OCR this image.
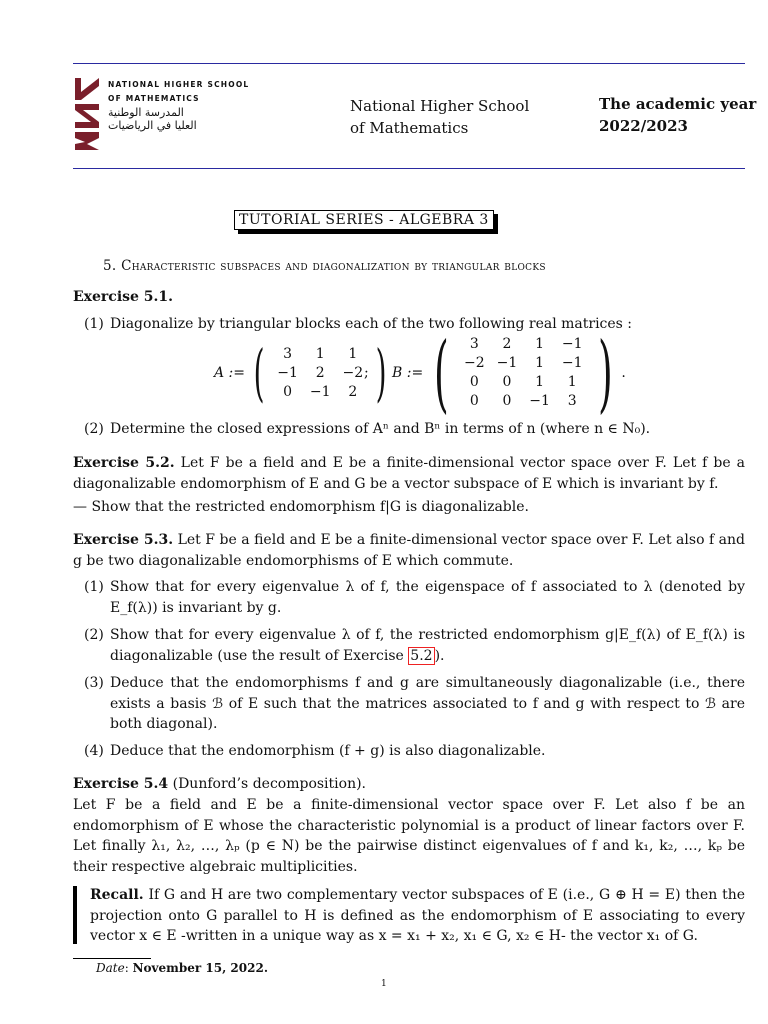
NATIONAL HIGHER SCHOOL
OF MATHEMATICS
المدرسة الوطنية
العليا في الرياضيات
National Higher School
of Mathematics
The academic year
2022/2023
TUTORIAL SERIES - ALGEBRA 3
5. Characteristic subspaces and diagonalization by triangular blocks
Exercise 5.1.
(1) Diagonalize by triangular blocks each of the two following real matrices :
A := ( 3	1	1
−1	2	−2
0	−1	2 )
; B := ( 3	2	1	−1
−2	−1	1	−1
0	0	1	1
0	0	−1	3 ) .
(2) Determine the closed expressions of Aⁿ and Bⁿ in terms of n (where n ∈ N₀).
Exercise 5.2. Let F be a field and E be a finite-dimensional vector space over F. Let f be a diagonalizable endomorphism of E and G be a vector subspace of E which is invariant by f.
— Show that the restricted endomorphism f|G is diagonalizable.
Exercise 5.3. Let F be a field and E be a finite-dimensional vector space over F. Let also f and g be two diagonalizable endomorphisms of E which commute.
(1) Show that for every eigenvalue λ of f, the eigenspace of f associated to λ (denoted by E_f(λ)) is invariant by g.
(2) Show that for every eigenvalue λ of f, the restricted endomorphism g|E_f(λ) of E_f(λ) is diagonalizable (use the result of Exercise 5.2 ).
(3) Deduce that the endomorphisms f and g are simultaneously diagonalizable (i.e., there exists a basis ℬ of E such that the matrices associated to f and g with respect to ℬ are both diagonal).
(4) Deduce that the endomorphism (f + g) is also diagonalizable.
Exercise 5.4 (Dunford’s decomposition).
Let F be a field and E be a finite-dimensional vector space over F. Let also f be an endomorphism of E whose the characteristic polynomial is a product of linear factors over F. Let finally λ₁, λ₂, …, λₚ (p ∈ N) be the pairwise distinct eigenvalues of f and k₁, k₂, …, kₚ be their respective algebraic multiplicities.
Recall. If G and H are two complementary vector subspaces of E (i.e., G ⊕ H = E) then the projection onto G parallel to H is defined as the endomorphism of E associating to every vector x ∈ E -written in a unique way as x = x₁ + x₂, x₁ ∈ G, x₂ ∈ H- the vector x₁ of G.
Date: November 15, 2022.
1
